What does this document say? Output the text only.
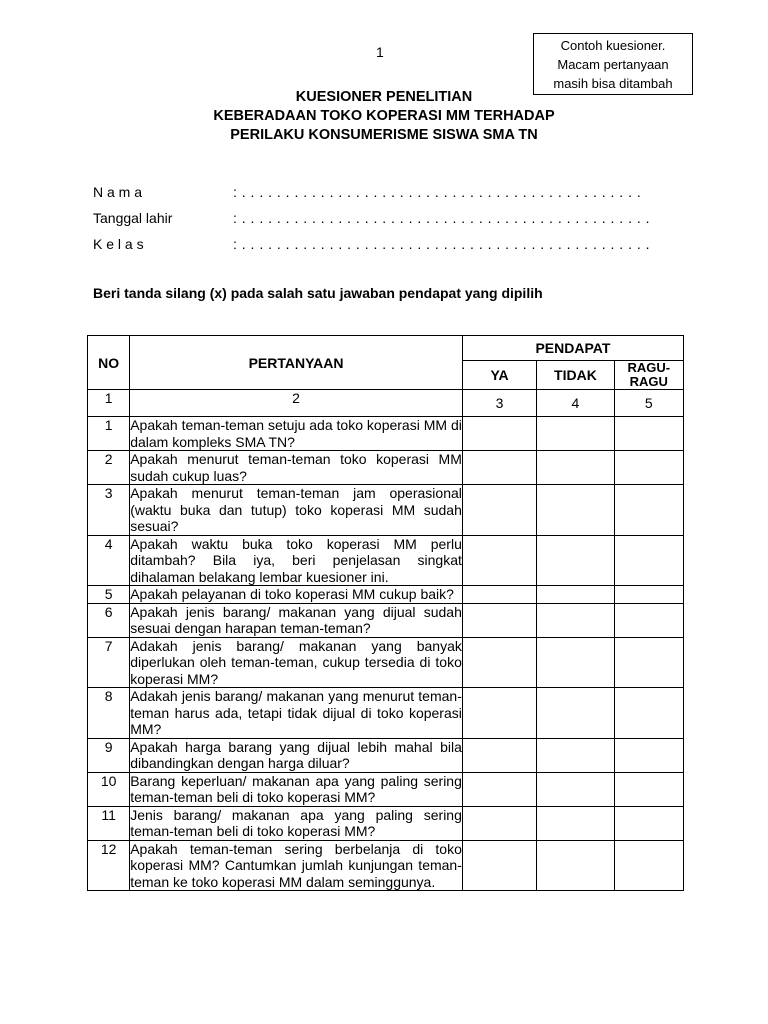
1	Contoh kuesioner.
Macam pertanyaan
masih bisa ditambah
KUESIONER PENELITIAN
KEBERADAAN TOKO KOPERASI MM TERHADAP
PERILAKU KONSUMERISME SISWA SMA TN
N a m a	: . . . . . . . . . . . . . . . . . . . . . . . . . . . . . . . . . . . . . . . . . . . . . .
Tanggal lahir	: . . . . . . . . . . . . . . . . . . . . . . . . . . . . . . . . . . . . . . . . . . . . . . .
K e l a s	: . . . . . . . . . . . . . . . . . . . . . . . . . . . . . . . . . . . . . . . . . . . . . . .
Beri tanda silang (x) pada salah satu jawaban pendapat yang dipilih
NO	PERTANYAAN	PENDAPAT		
		YA	TIDAK	RAGU-RAGU
1	2	3	4	5
1	Apakah teman-teman setuju ada toko koperasi MM di dalam kompleks SMA TN?			
2	Apakah menurut teman-teman toko koperasi MM sudah cukup luas?			
3	Apakah menurut teman-teman jam operasional (waktu buka dan tutup) toko koperasi MM sudah sesuai?			
4	Apakah waktu buka toko koperasi MM perlu ditambah? Bila iya, beri penjelasan singkat dihalaman belakang lembar kuesioner ini.			
5	Apakah pelayanan di toko koperasi MM cukup baik?			
6	Apakah jenis barang/ makanan yang dijual sudah sesuai dengan harapan teman-teman?			
7	Adakah jenis barang/ makanan yang banyak diperlukan oleh teman-teman, cukup tersedia di toko koperasi MM?			
8	Adakah jenis barang/ makanan yang menurut teman-teman harus ada, tetapi tidak dijual di toko koperasi MM?			
9	Apakah harga barang yang dijual lebih mahal bila dibandingkan dengan harga diluar?			
10	Barang keperluan/ makanan apa yang paling sering teman-teman beli di toko koperasi MM?			
11	Jenis barang/ makanan apa yang paling sering teman-teman beli di toko koperasi MM?			
12	Apakah teman-teman sering berbelanja di toko koperasi MM? Cantumkan jumlah kunjungan teman-teman ke toko koperasi MM dalam seminggunya.			
